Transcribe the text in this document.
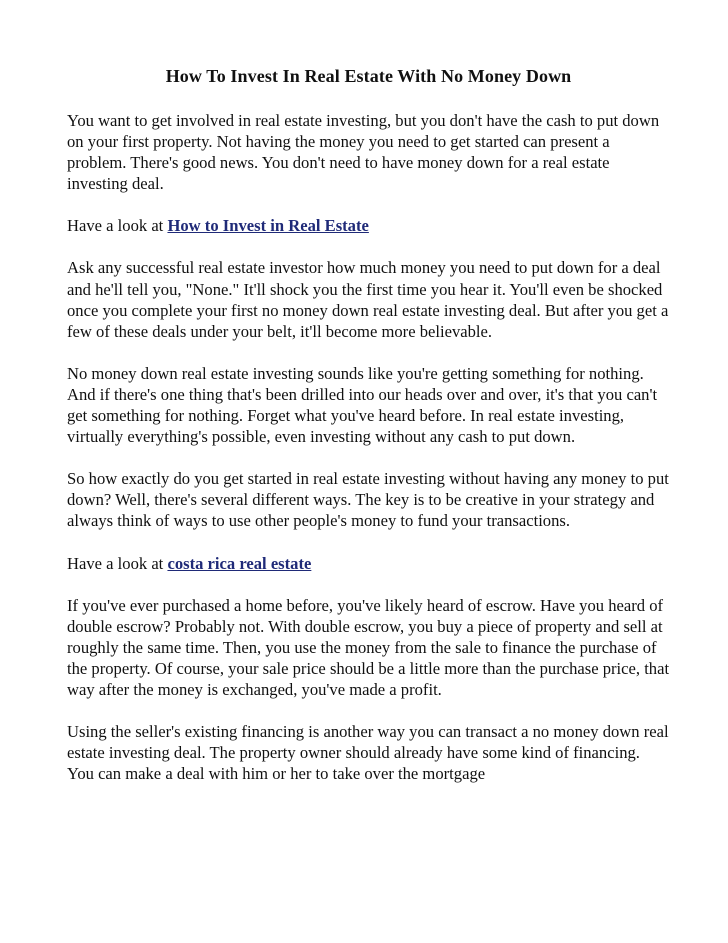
How To Invest In Real Estate With No Money Down

You want to get involved in real estate investing, but you don't have the cash to put down on your first property. Not having the money you need to get started can present a problem. There's good news. You don't need to have money down for a real estate investing deal.

Have a look at How to Invest in Real Estate

Ask any successful real estate investor how much money you need to put down for a deal and he'll tell you, "None." It'll shock you the first time you hear it. You'll even be shocked once you complete your first no money down real estate investing deal. But after you get a few of these deals under your belt, it'll become more believable.

No money down real estate investing sounds like you're getting something for nothing. And if there's one thing that's been drilled into our heads over and over, it's that you can't get something for nothing. Forget what you've heard before. In real estate investing, virtually everything's possible, even investing without any cash to put down.

So how exactly do you get started in real estate investing without having any money to put down? Well, there's several different ways. The key is to be creative in your strategy and always think of ways to use other people's money to fund your transactions.

Have a look at costa rica real estate

If you've ever purchased a home before, you've likely heard of escrow. Have you heard of double escrow? Probably not. With double escrow, you buy a piece of property and sell at roughly the same time. Then, you use the money from the sale to finance the purchase of the property. Of course, your sale price should be a little more than the purchase price, that way after the money is exchanged, you've made a profit.

Using the seller's existing financing is another way you can transact a no money down real estate investing deal. The property owner should already have some kind of financing. You can make a deal with him or her to take over the mortgage
